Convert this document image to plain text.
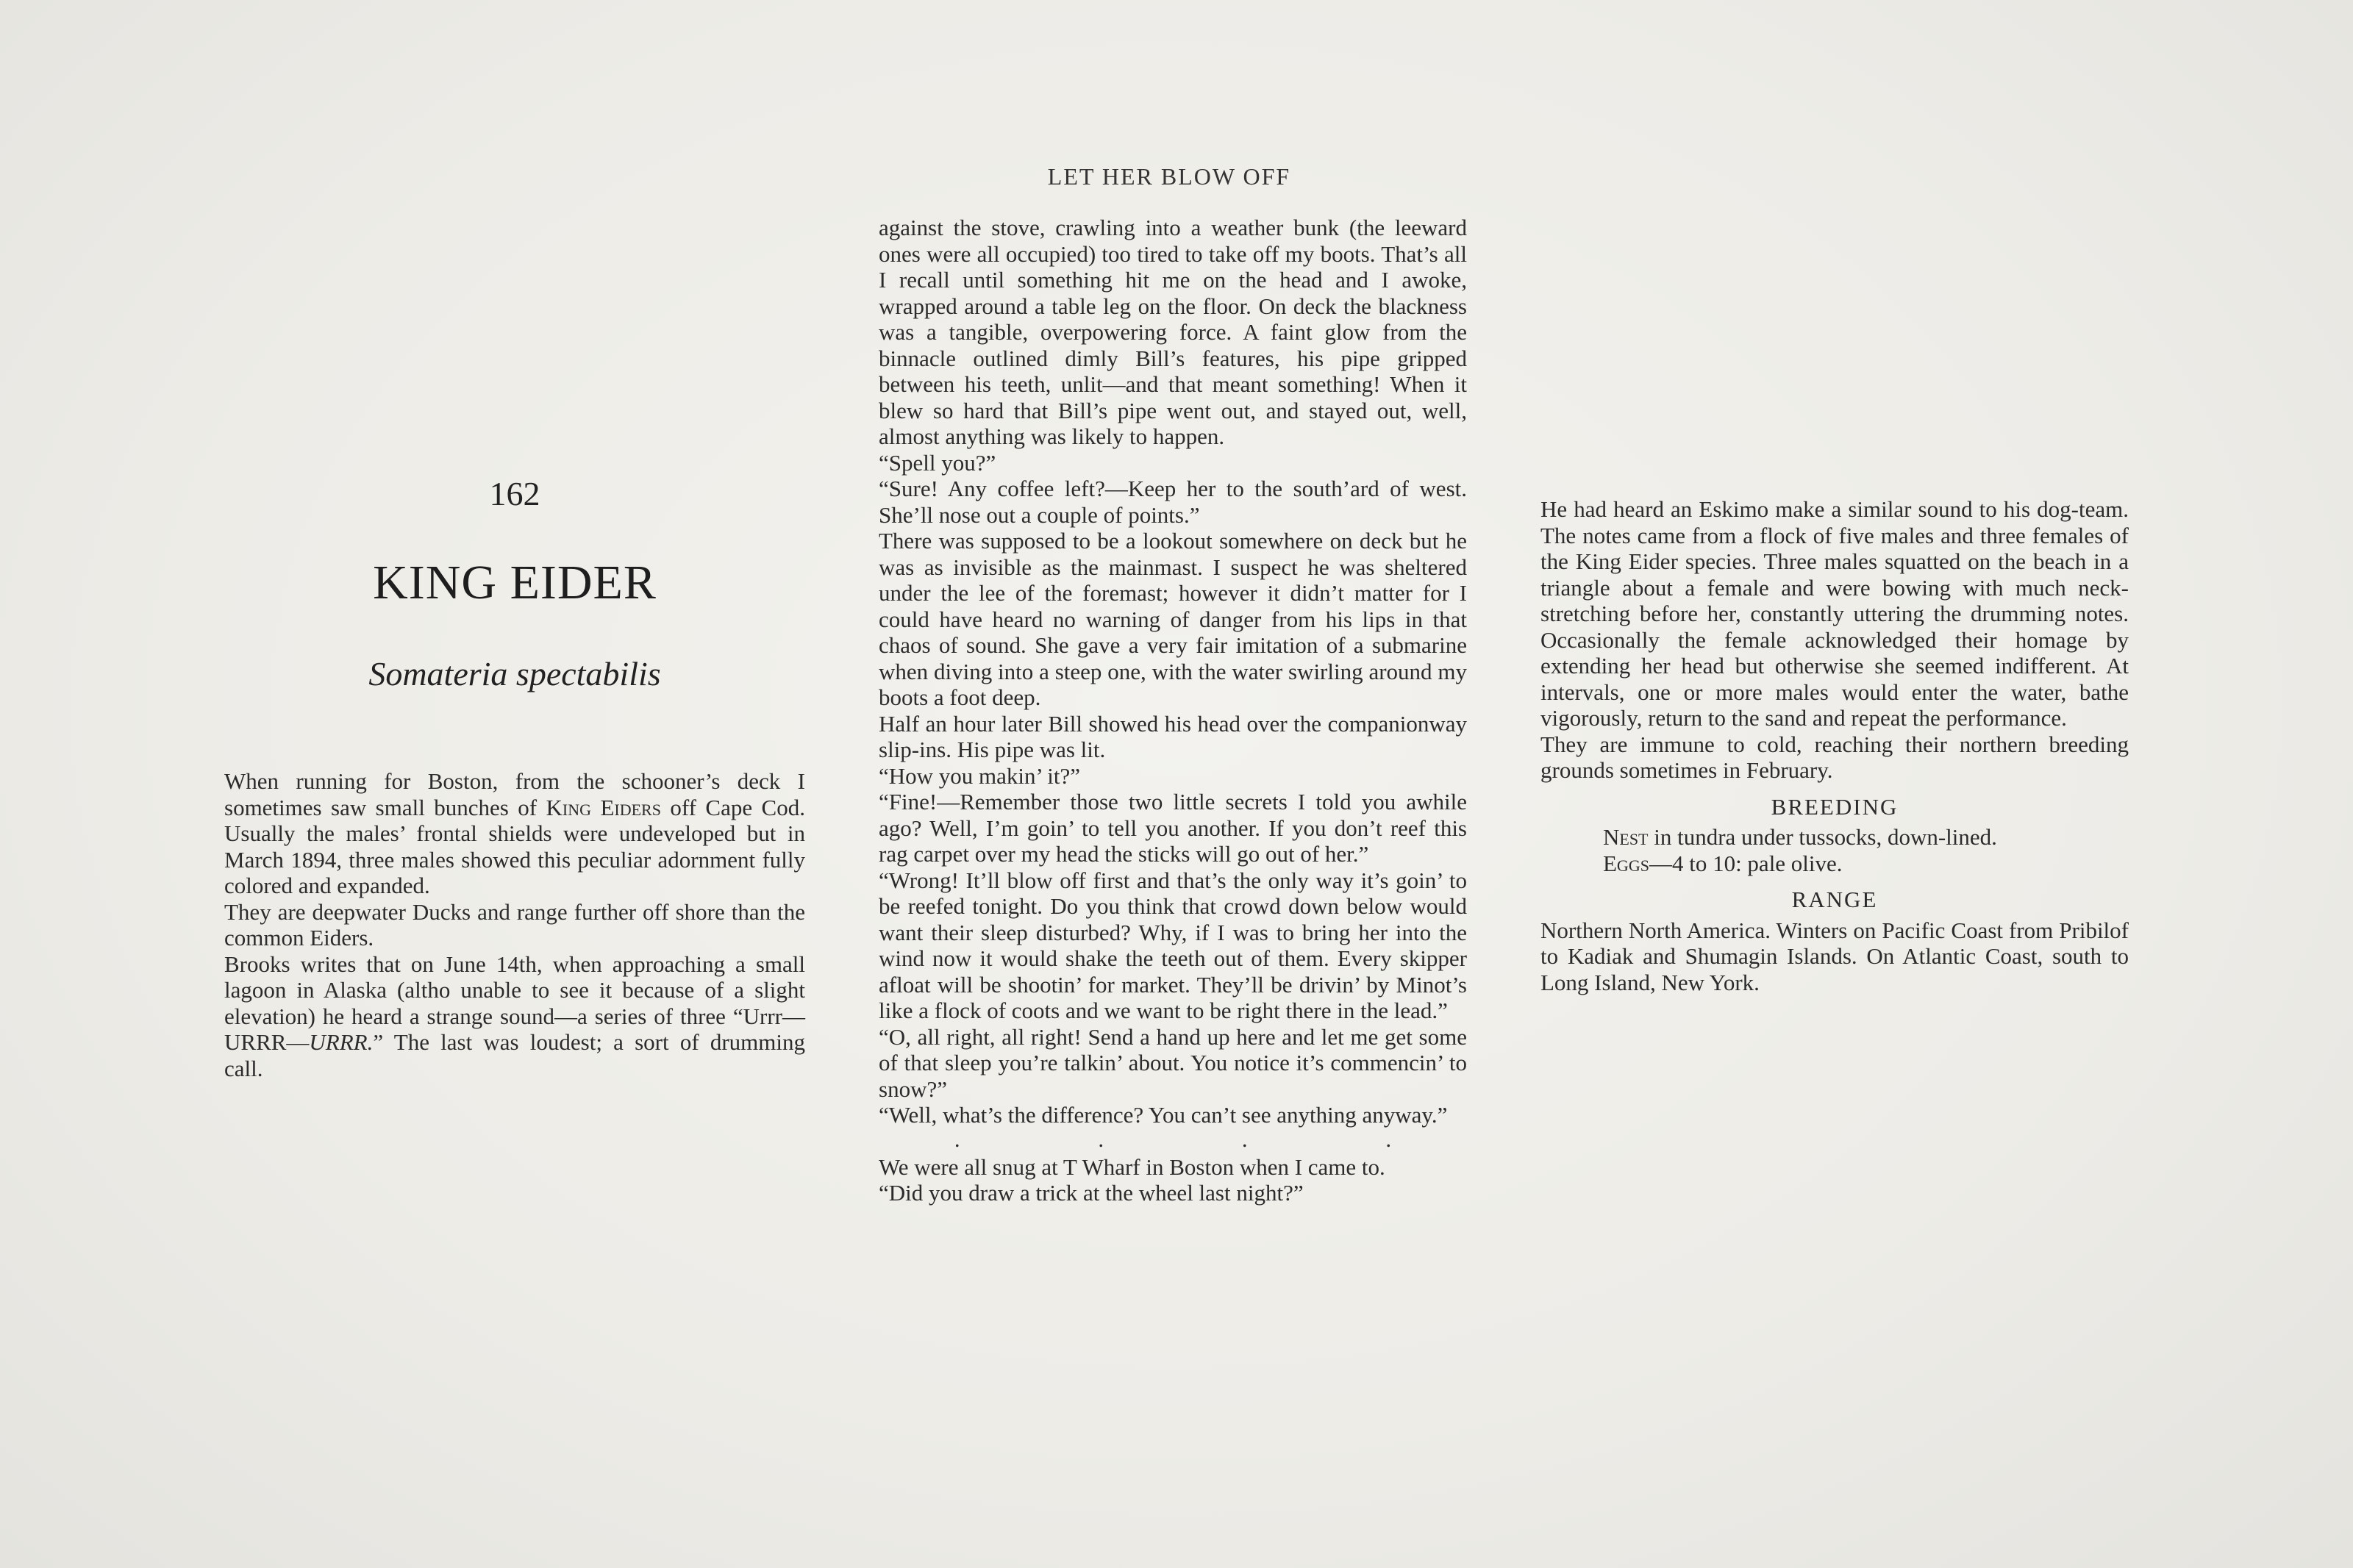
LET HER BLOW OFF
162
KING EIDER
Somateria spectabilis

When running for Boston, from the schooner’s deck I sometimes saw small bunches of King Eiders off Cape Cod. Usually the males’ frontal shields were undeveloped but in March 1894, three males showed this peculiar adornment fully colored and expanded.

They are deepwater Ducks and range further off shore than the common Eiders.

Brooks writes that on June 14th, when approaching a small lagoon in Alaska (altho unable to see it because of a slight elevation) he heard a strange sound—a series of three “Urrr—URRR—URRR.” The last was loudest; a sort of drumming call.

against the stove, crawling into a weather bunk (the leeward ones were all occupied) too tired to take off my boots. That’s all I recall until something hit me on the head and I awoke, wrapped around a table leg on the floor. On deck the blackness was a tangible, overpowering force. A faint glow from the binnacle outlined dimly Bill’s features, his pipe gripped between his teeth, unlit—and that meant something! When it blew so hard that Bill’s pipe went out, and stayed out, well, almost anything was likely to happen.

“Spell you?”

“Sure! Any coffee left?—Keep her to the south’ard of west. She’ll nose out a couple of points.”

There was supposed to be a lookout somewhere on deck but he was as invisible as the mainmast. I suspect he was sheltered under the lee of the foremast; however it didn’t matter for I could have heard no warning of danger from his lips in that chaos of sound. She gave a very fair imitation of a submarine when diving into a steep one, with the water swirling around my boots a foot deep.

Half an hour later Bill showed his head over the companionway slip-ins. His pipe was lit.

“How you makin’ it?”

“Fine!—Remember those two little secrets I told you awhile ago? Well, I’m goin’ to tell you another. If you don’t reef this rag carpet over my head the sticks will go out of her.”

“Wrong! It’ll blow off first and that’s the only way it’s goin’ to be reefed tonight. Do you think that crowd down below would want their sleep disturbed? Why, if I was to bring her into the wind now it would shake the teeth out of them. Every skipper afloat will be shootin’ for market. They’ll be drivin’ by Minot’s like a flock of coots and we want to be right there in the lead.”

“O, all right, all right! Send a hand up here and let me get some of that sleep you’re talkin’ about. You notice it’s commencin’ to snow?”

“Well, what’s the difference? You can’t see anything anyway.”

. . . .

We were all snug at T Wharf in Boston when I came to.

“Did you draw a trick at the wheel last night?”

He had heard an Eskimo make a similar sound to his dog-team. The notes came from a flock of five males and three females of the King Eider species. Three males squatted on the beach in a triangle about a female and were bowing with much neck-stretching before her, constantly uttering the drumming notes. Occasionally the female acknowledged their homage by extending her head but otherwise she seemed indifferent. At intervals, one or more males would enter the water, bathe vigorously, return to the sand and repeat the performance.

They are immune to cold, reaching their northern breeding grounds sometimes in February.

BREEDING

Nest in tundra under tussocks, down-lined.

Eggs—4 to 10: pale olive.

RANGE

Northern North America. Winters on Pacific Coast from Pribilof to Kadiak and Shumagin Islands. On Atlantic Coast, south to Long Island, New York.
